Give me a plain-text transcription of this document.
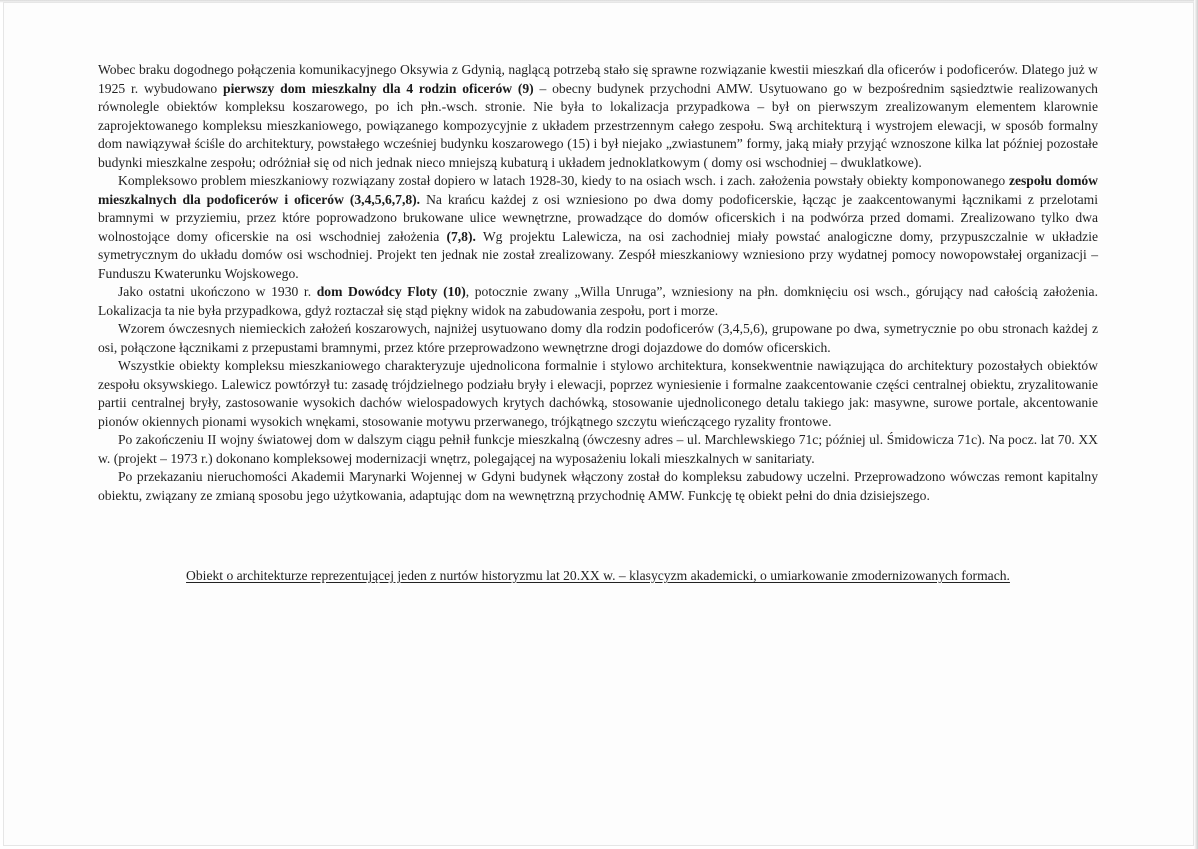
Wobec braku dogodnego połączenia komunikacyjnego Oksywia z Gdynią, naglącą potrzebą stało się sprawne rozwiązanie kwestii mieszkań dla oficerów i podoficerów. Dlatego już w 1925 r. wybudowano pierwszy dom mieszkalny dla 4 rodzin oficerów (9) – obecny budynek przychodni AMW. Usytuowano go w bezpośrednim sąsiedztwie realizowanych równolegle obiektów kompleksu koszarowego, po ich płn.-wsch. stronie. Nie była to lokalizacja przypadkowa – był on pierwszym zrealizowanym elementem klarownie zaprojektowanego kompleksu mieszkaniowego, powiązanego kompozycyjnie z układem przestrzennym całego zespołu. Swą architekturą i wystrojem elewacji, w sposób formalny dom nawiązywał ściśle do architektury, powstałego wcześniej budynku koszarowego (15) i był niejako „zwiastunem” formy, jaką miały przyjąć wznoszone kilka lat później pozostałe budynki mieszkalne zespołu; odróżniał się od nich jednak nieco mniejszą kubaturą i układem jednoklatkowym ( domy osi wschodniej – dwuklatkowe).

Kompleksowo problem mieszkaniowy rozwiązany został dopiero w latach 1928-30, kiedy to na osiach wsch. i zach. założenia powstały obiekty komponowanego zespołu domów mieszkalnych dla podoficerów i oficerów (3,4,5,6,7,8). Na krańcu każdej z osi wzniesiono po dwa domy podoficerskie, łącząc je zaakcentowanymi łącznikami z przelotami bramnymi w przyziemiu, przez które poprowadzono brukowane ulice wewnętrzne, prowadzące do domów oficerskich i na podwórza przed domami. Zrealizowano tylko dwa wolnostojące domy oficerskie na osi wschodniej założenia (7,8). Wg projektu Lalewicza, na osi zachodniej miały powstać analogiczne domy, przypuszczalnie w układzie symetrycznym do układu domów osi wschodniej. Projekt ten jednak nie został zrealizowany. Zespół mieszkaniowy wzniesiono przy wydatnej pomocy nowopowstałej organizacji – Funduszu Kwaterunku Wojskowego.

Jako ostatni ukończono w 1930 r. dom Dowódcy Floty (10), potocznie zwany „Willa Unruga”, wzniesiony na płn. domknięciu osi wsch., górujący nad całością założenia. Lokalizacja ta nie była przypadkowa, gdyż roztaczał się stąd piękny widok na zabudowania zespołu, port i morze.

Wzorem ówczesnych niemieckich założeń koszarowych, najniżej usytuowano domy dla rodzin podoficerów (3,4,5,6), grupowane po dwa, symetrycznie po obu stronach każdej z osi, połączone łącznikami z przepustami bramnymi, przez które przeprowadzono wewnętrzne drogi dojazdowe do domów oficerskich.

Wszystkie obiekty kompleksu mieszkaniowego charakteryzuje ujednolicona formalnie i stylowo architektura, konsekwentnie nawiązująca do architektury pozostałych obiektów zespołu oksywskiego. Lalewicz powtórzył tu: zasadę trójdzielnego podziału bryły i elewacji, poprzez wyniesienie i formalne zaakcentowanie części centralnej obiektu, zryzalitowanie partii centralnej bryły, zastosowanie wysokich dachów wielospadowych krytych dachówką, stosowanie ujednoliconego detalu takiego jak: masywne, surowe portale, akcentowanie pionów okiennych pionami wysokich wnękami, stosowanie motywu przerwanego, trójkątnego szczytu wieńczącego ryzality frontowe.

Po zakończeniu II wojny światowej dom w dalszym ciągu pełnił funkcje mieszkalną (ówczesny adres – ul. Marchlewskiego 71c; później ul. Śmidowicza 71c). Na pocz. lat 70. XX w. (projekt – 1973 r.) dokonano kompleksowej modernizacji wnętrz, polegającej na wyposażeniu lokali mieszkalnych w sanitariaty.

Po przekazaniu nieruchomości Akademii Marynarki Wojennej w Gdyni budynek włączony został do kompleksu zabudowy uczelni. Przeprowadzono wówczas remont kapitalny obiektu, związany ze zmianą sposobu jego użytkowania, adaptując dom na wewnętrzną przychodnię AMW. Funkcję tę obiekt pełni do dnia dzisiejszego.

Obiekt o architekturze reprezentującej jeden z nurtów historyzmu lat 20.XX w. – klasycyzm akademicki, o umiarkowanie zmodernizowanych formach.
